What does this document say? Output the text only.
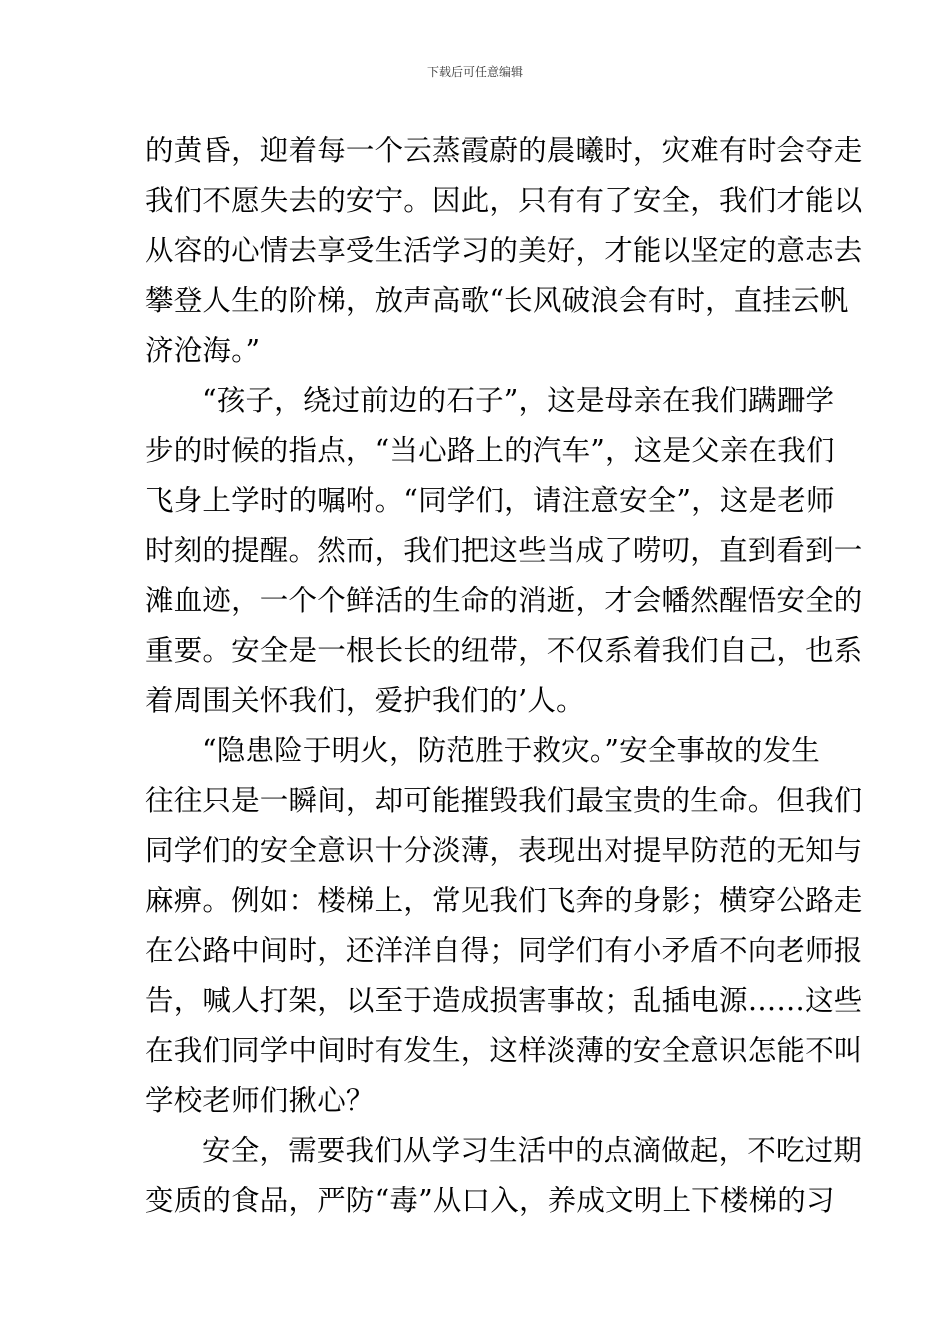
下载后可任意编辑
的黄昏，迎着每一个云蒸霞蔚的晨曦时，灾难有时会夺走
我们不愿失去的安宁。因此，只有有了安全，我们才能以
从容的心情去享受生活学习的美好，才能以坚定的意志去
攀登人生的阶梯，放声高歌“长风破浪会有时，直挂云帆
济沧海。”
“孩子，绕过前边的石子”，这是母亲在我们蹒跚学
步的时候的指点，“当心路上的汽车”，这是父亲在我们
飞身上学时的嘱咐。“同学们，请注意安全”，这是老师
时刻的提醒。然而，我们把这些当成了唠叨，直到看到一
滩血迹，一个个鲜活的生命的消逝，才会幡然醒悟安全的
重要。安全是一根长长的纽带，不仅系着我们自己，也系
着周围关怀我们，爱护我们的’人。
“隐患险于明火，防范胜于救灾。”安全事故的发生
往往只是一瞬间，却可能摧毁我们最宝贵的生命。但我们
同学们的安全意识十分淡薄，表现出对提早防范的无知与
麻痹。例如：楼梯上，常见我们飞奔的身影；横穿公路走
在公路中间时，还洋洋自得；同学们有小矛盾不向老师报
告，喊人打架，以至于造成损害事故；乱插电源……这些
在我们同学中间时有发生，这样淡薄的安全意识怎能不叫
学校老师们揪心？
安全，需要我们从学习生活中的点滴做起，不吃过期
变质的食品，严防“毒”从口入，养成文明上下楼梯的习
